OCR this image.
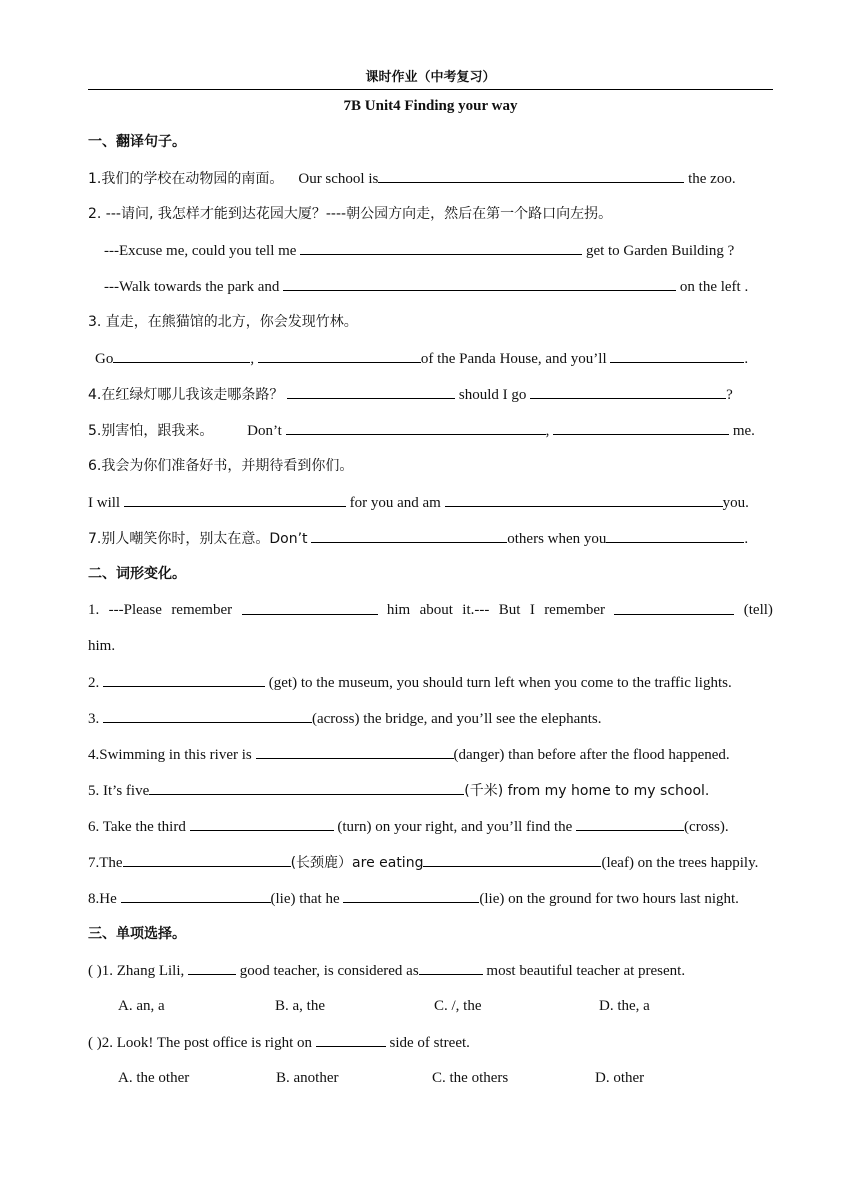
课时作业（中考复习）
7B Unit4 Finding your way
一、翻译句子。
1.我们的学校在动物园的南面。 Our school is	the zoo.
2. ---请问, 我怎样才能到达花园大厦？----朝公园方向走，然后在第一个路口向左拐。
---Excuse me, could you tell me	get to Garden Building ?
---Walk towards the park and	on the left .
3. 直走，在熊猫馆的北方，你会发现竹林。
Go	,	of the Panda House, and you’ll	.
4.在红绿灯哪儿我该走哪条路？	should I go	?
5.别害怕，跟我来。 Don’t	,	me.
6.我会为你们准备好书，并期待看到你们。
I will	for you and am	you.
7.别人嘲笑你时，别太在意。Don’t	others when you	.
二、词形变化。
1. ---Please remember	him about it.--- But I remember	(tell)
him.
2.	(get) to the museum, you should turn left when you come to the traffic lights.
3.	(across) the bridge, and you’ll see the elephants.
4.Swimming in this river is	(danger) than before after the flood happened.
5. It’s five	(千米) from my home to my school.
6. Take the third	(turn) on your right, and you’ll find the	(cross).
7.The	(长颈鹿）are eating	(leaf) on the trees happily.
8.He	(lie) that he	(lie) on the ground for two hours last night.
三、单项选择。
( )1. Zhang Lili,	good teacher, is considered as	most beautiful teacher at present.
A. an, a	B. a, the	C. /, the	D. the, a
( )2. Look! The post office is right on	side of street.
A. the other	B. another	C. the others	D. other
